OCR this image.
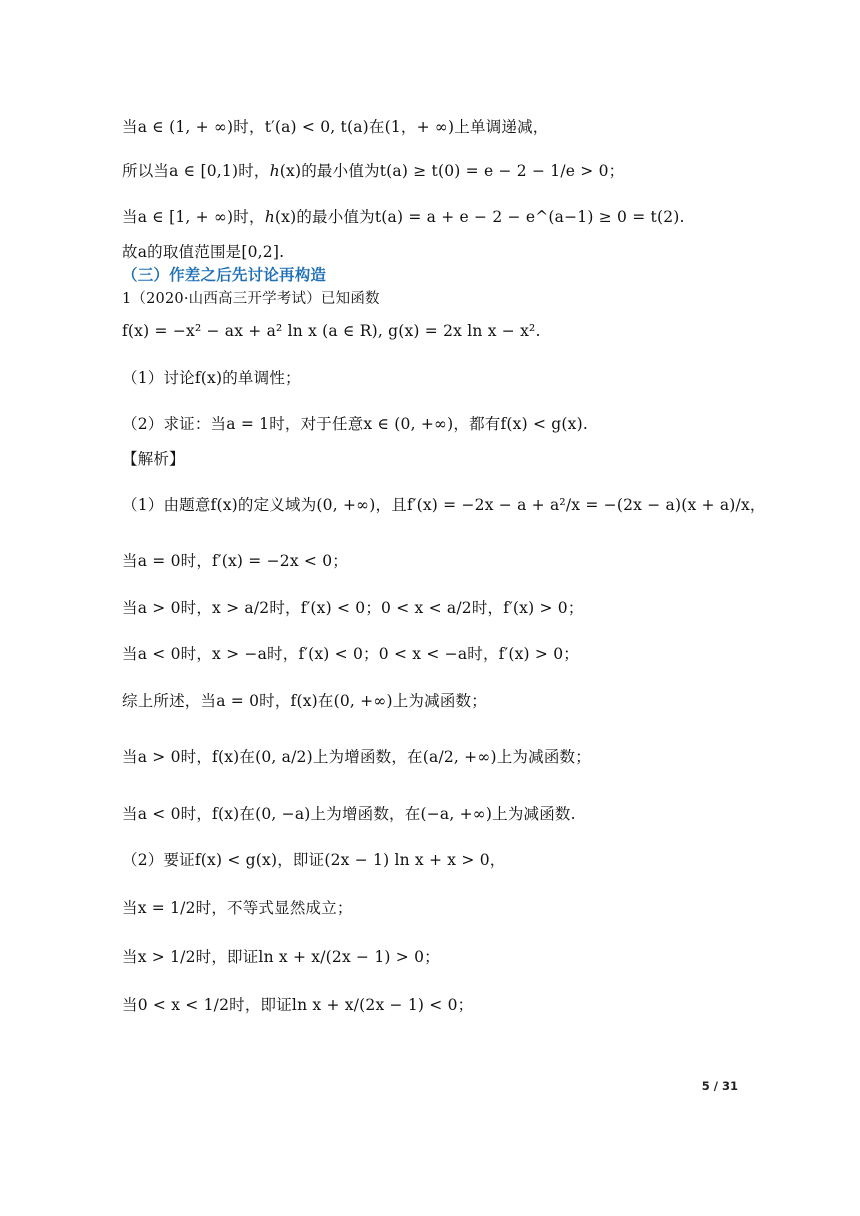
当a ∈ (1, + ∞)时，t′(a) < 0, t(a)在(1，+ ∞)上单调递减，
所以当a ∈ [0,1)时，ℎ(x)的最小值为t(a) ≥ t(0) = e − 2 − 1/e > 0；
当a ∈ [1, + ∞)时，ℎ(x)的最小值为t(a) = a + e − 2 − e^(a−1) ≥ 0 = t(2).
故a的取值范围是[0,2].
（三）作差之后先讨论再构造
1（2020·山西高三开学考试）已知函数
f(x) = −x² − ax + a² ln x (a ∈ R), g(x) = 2x ln x − x².
（1）讨论f(x)的单调性；
（2）求证：当a = 1时，对于任意x ∈ (0, +∞)，都有f(x) < g(x).
【解析】
（1）由题意f(x)的定义域为(0, +∞)，且f′(x) = −2x − a + a²/x = −(2x − a)(x + a)/x，
当a = 0时，f′(x) = −2x < 0；
当a > 0时，x > a/2时，f′(x) < 0；0 < x < a/2时，f′(x) > 0；
当a < 0时，x > −a时，f′(x) < 0；0 < x < −a时，f′(x) > 0；
综上所述，当a = 0时，f(x)在(0, +∞)上为减函数；
当a > 0时，f(x)在(0, a/2)上为增函数，在(a/2, +∞)上为减函数；
当a < 0时，f(x)在(0, −a)上为增函数，在(−a, +∞)上为减函数.
（2）要证f(x) < g(x)，即证(2x − 1) ln x + x > 0，
当x = 1/2时，不等式显然成立；
当x > 1/2时，即证ln x + x/(2x − 1) > 0；
当0 < x < 1/2时，即证ln x + x/(2x − 1) < 0；
5 / 31
